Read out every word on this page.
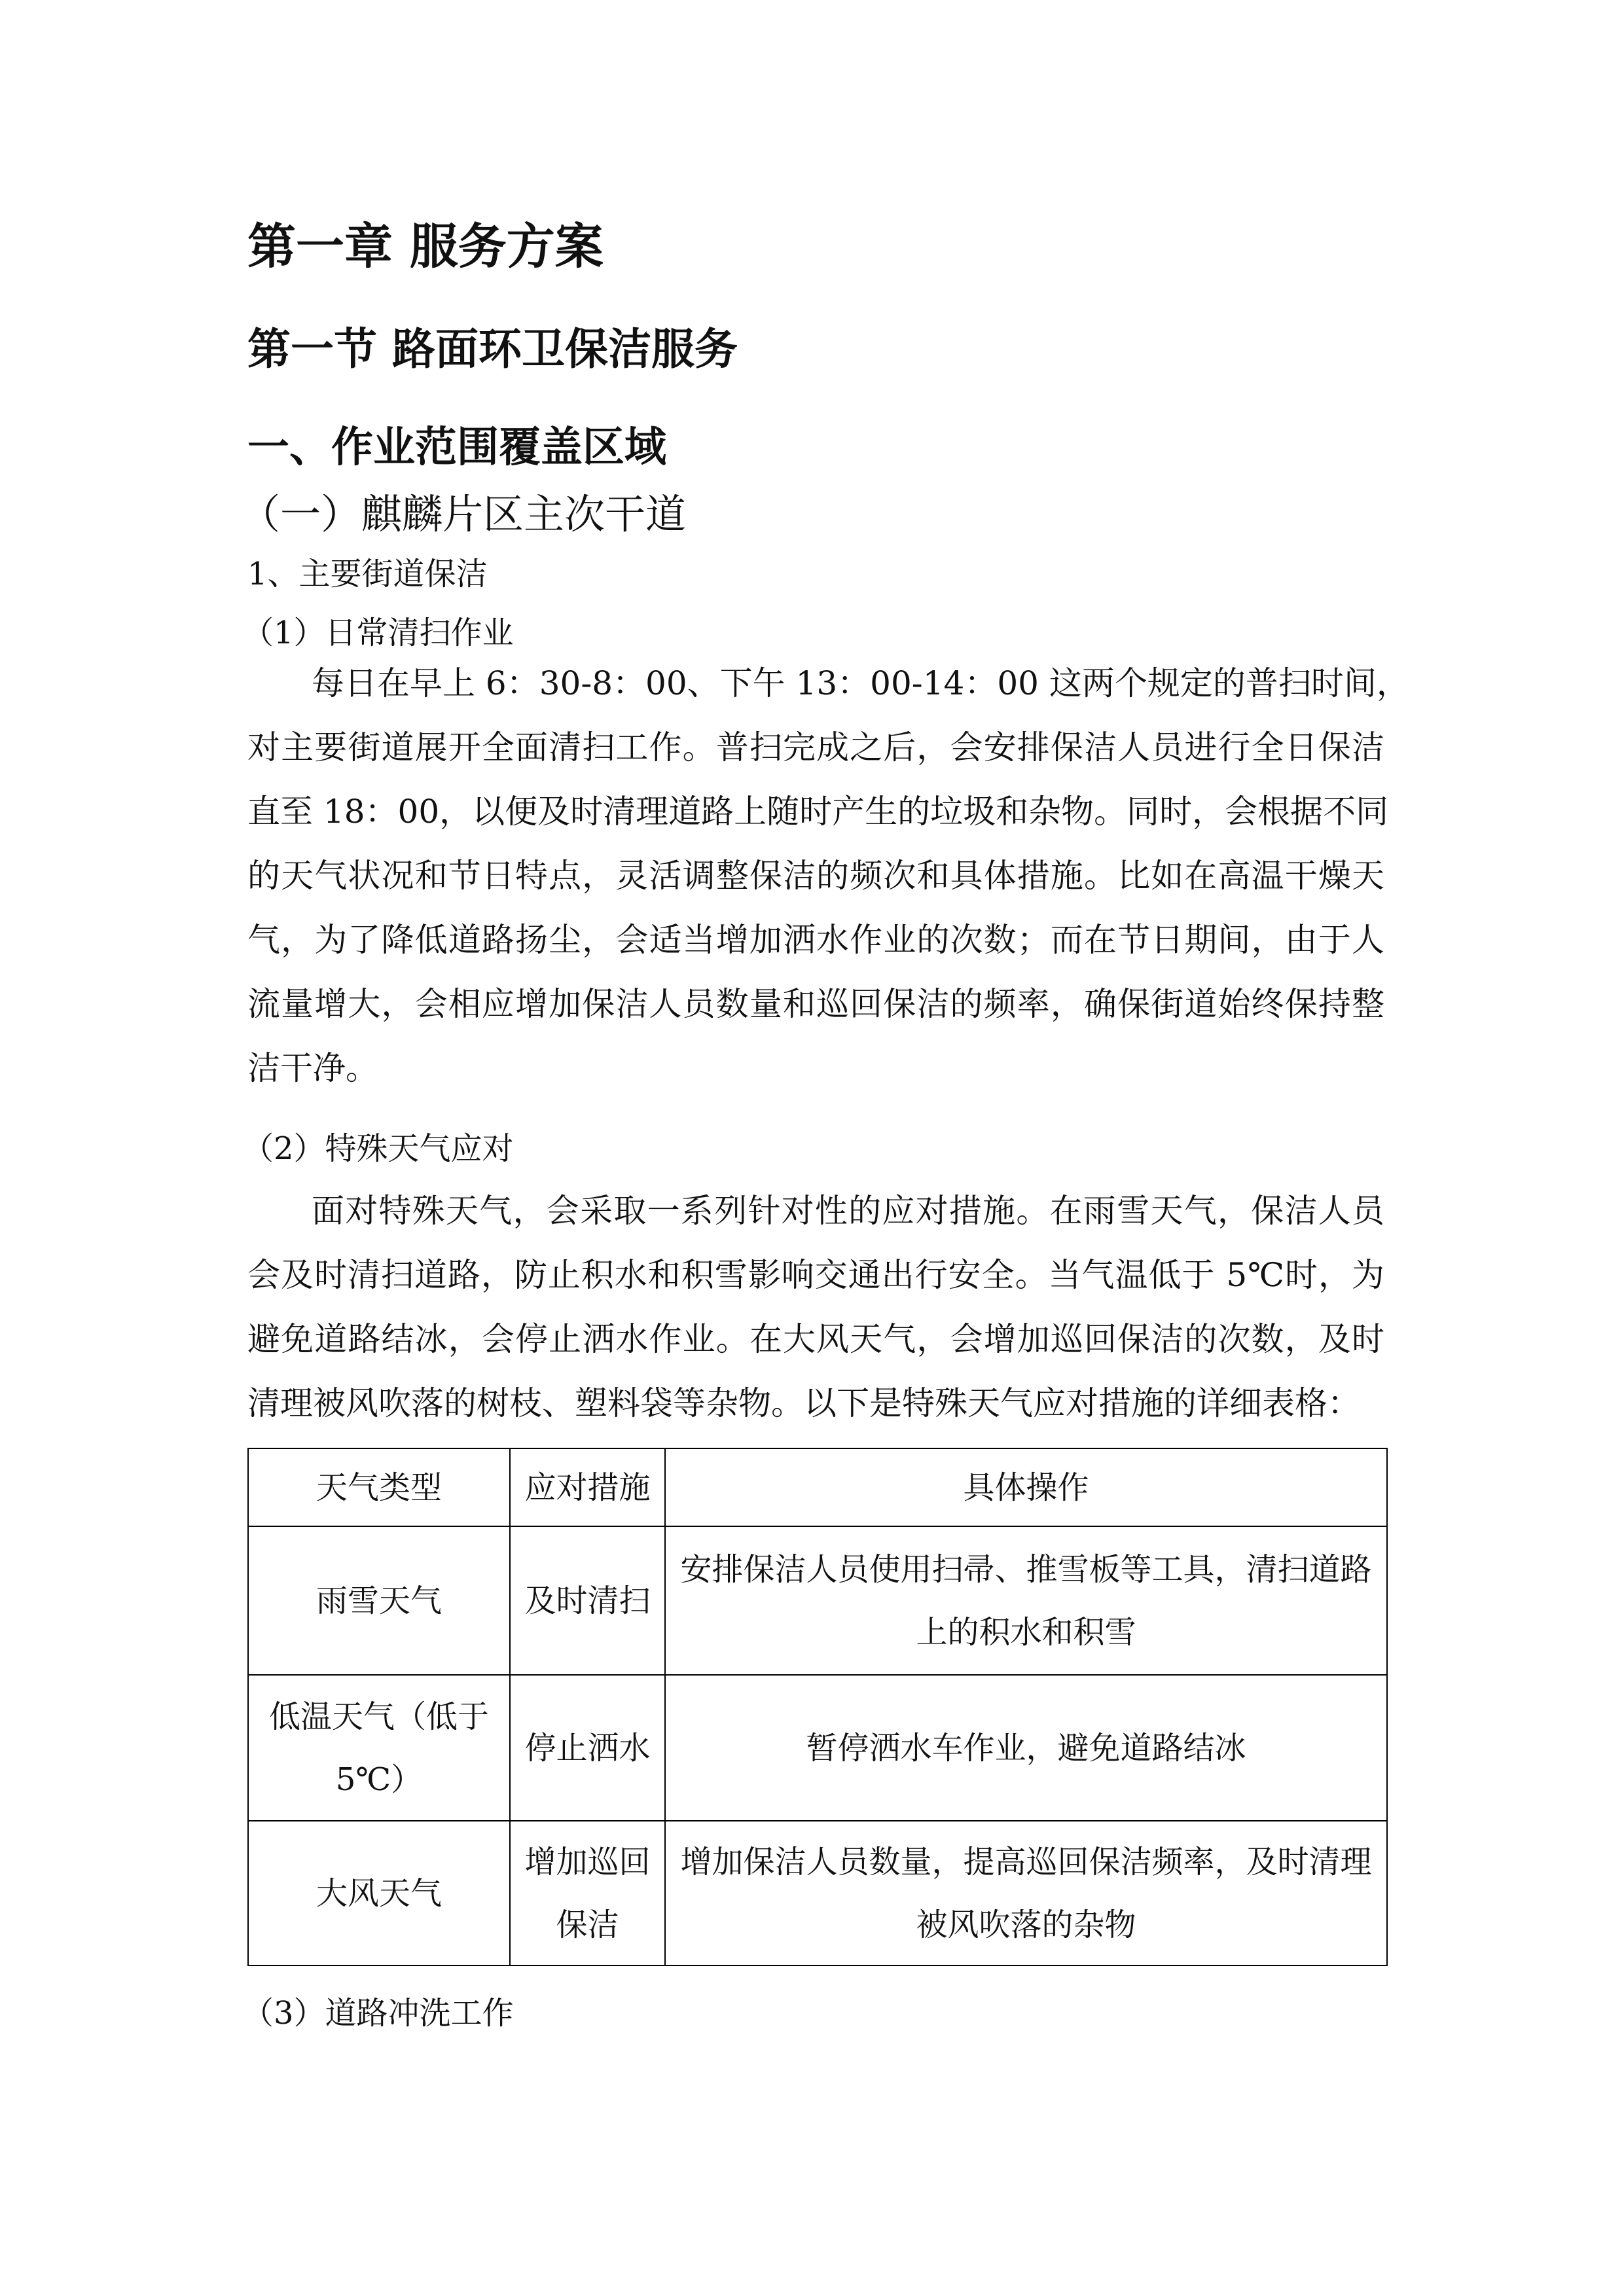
第一章 服务方案
第一节 路面环卫保洁服务
一、作业范围覆盖区域
（一）麒麟片区主次干道
1、主要街道保洁
（1）日常清扫作业
每日在早上 6：30-8：00、下午 13：00-14：00 这两个规定的普扫时间，
对主要街道展开全面清扫工作。普扫完成之后，会安排保洁人员进行全日保洁
直至 18：00，以便及时清理道路上随时产生的垃圾和杂物。同时，会根据不同
的天气状况和节日特点，灵活调整保洁的频次和具体措施。比如在高温干燥天
气，为了降低道路扬尘，会适当增加洒水作业的次数；而在节日期间，由于人
流量增大，会相应增加保洁人员数量和巡回保洁的频率，确保街道始终保持整
洁干净。
（2）特殊天气应对
面对特殊天气，会采取一系列针对性的应对措施。在雨雪天气，保洁人员
会及时清扫道路，防止积水和积雪影响交通出行安全。当气温低于 5℃时，为
避免道路结冰，会停止洒水作业。在大风天气，会增加巡回保洁的次数，及时
清理被风吹落的树枝、塑料袋等杂物。以下是特殊天气应对措施的详细表格：
天气类型	应对措施	具体操作
雨雪天气	及时清扫	安排保洁人员使用扫帚、推雪板等工具，清扫道路上的积水和积雪
低温天气（低于5℃）	停止洒水	暂停洒水车作业，避免道路结冰
大风天气	增加巡回保洁	增加保洁人员数量，提高巡回保洁频率，及时清理被风吹落的杂物
（3）道路冲洗工作
